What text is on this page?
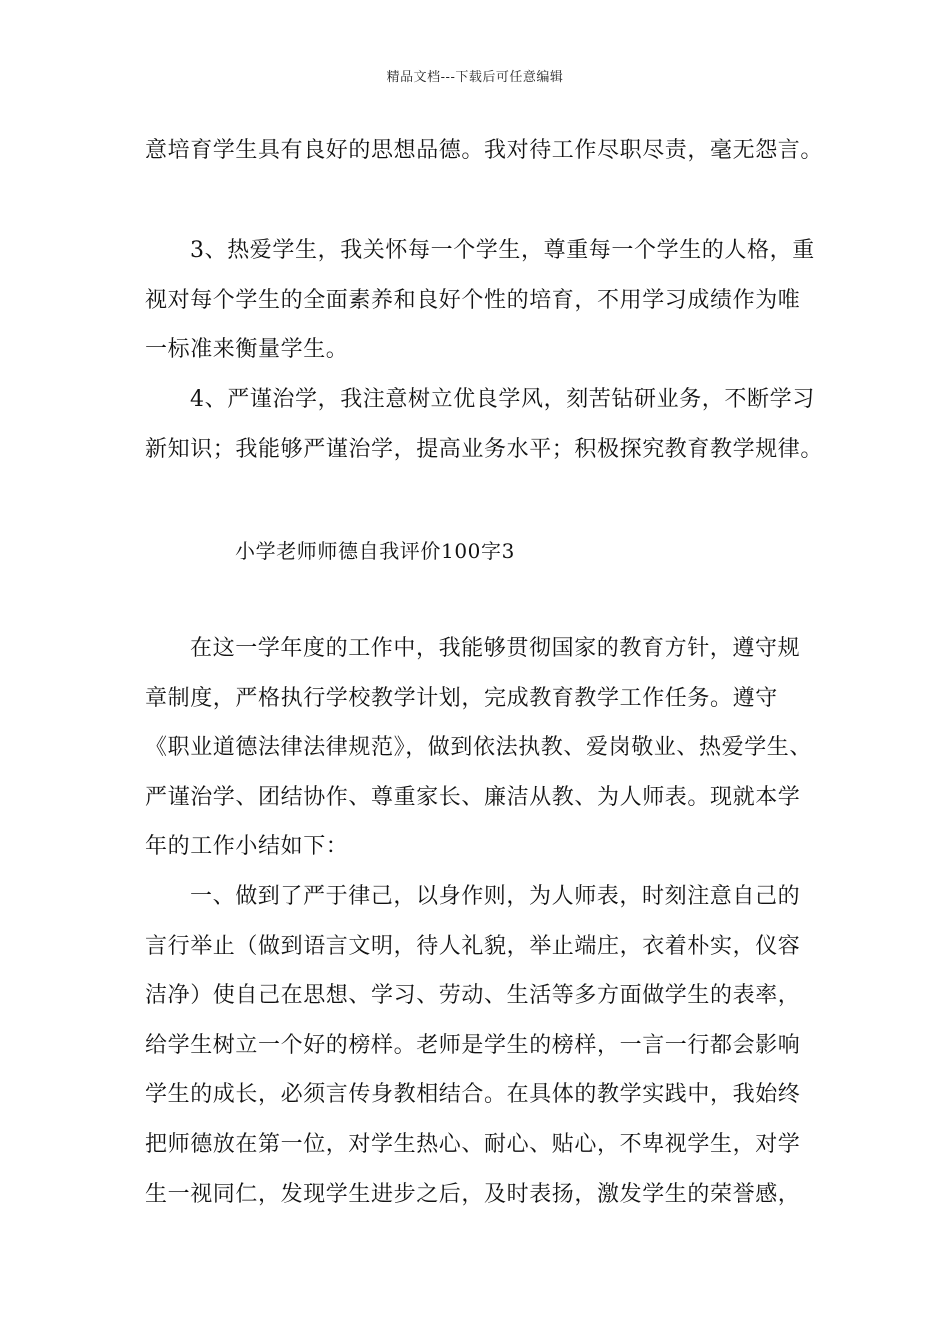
精品文档---下载后可任意编辑
意培育学生具有良好的思想品德。我对待工作尽职尽责，毫无怨言。
3、热爱学生，我关怀每一个学生，尊重每一个学生的人格，重
视对每个学生的全面素养和良好个性的培育，不用学习成绩作为唯
一标准来衡量学生。
4、严谨治学，我注意树立优良学风，刻苦钻研业务，不断学习
新知识；我能够严谨治学，提高业务水平；积极探究教育教学规律。
小学老师师德自我评价100字3
在这一学年度的工作中，我能够贯彻国家的教育方针，遵守规
章制度，严格执行学校教学计划，完成教育教学工作任务。遵守
《职业道德法律法律规范》，做到依法执教、爱岗敬业、热爱学生、
严谨治学、团结协作、尊重家长、廉洁从教、为人师表。现就本学
年的工作小结如下：
一、做到了严于律己，以身作则，为人师表，时刻注意自己的
言行举止（做到语言文明，待人礼貌，举止端庄，衣着朴实，仪容
洁净）使自己在思想、学习、劳动、生活等多方面做学生的表率，
给学生树立一个好的榜样。老师是学生的榜样，一言一行都会影响
学生的成长，必须言传身教相结合。在具体的教学实践中，我始终
把师德放在第一位，对学生热心、耐心、贴心，不卑视学生，对学
生一视同仁，发现学生进步之后，及时表扬，激发学生的荣誉感，
